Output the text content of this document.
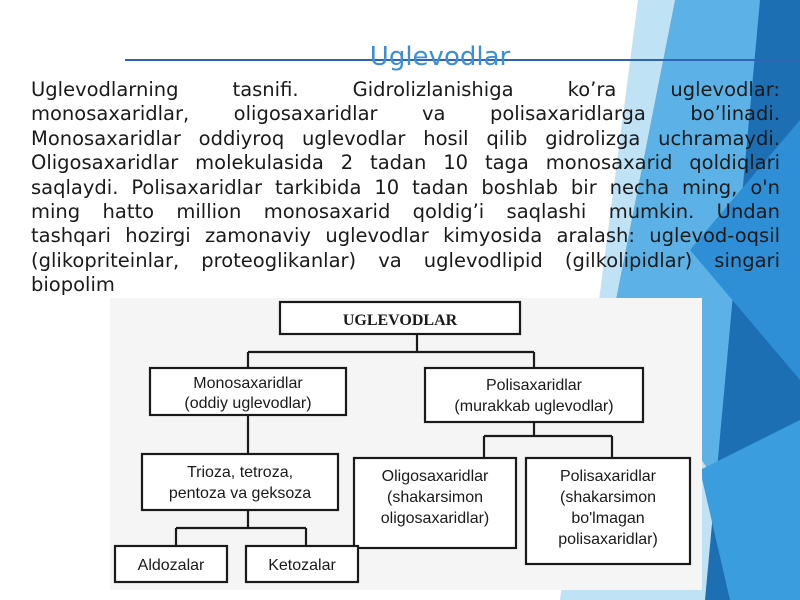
Uglevodlar
Uglevodlarning tasnifi. Gidrolizlanishiga ko’ra uglevodlar:
monosaxaridlar, oligosaxaridlar va polisaxaridlarga bo’linadi.
Monosaxaridlar oddiyroq uglevodlar hosil qilib gidrolizga uchramaydi.
Oligosaxaridlar molekulasida 2 tadan 10 taga monosaxarid qoldiqlari
saqlaydi. Polisaxaridlar tarkibida 10 tadan boshlab bir necha ming, o'n
ming hatto million monosaxarid qoldig’i saqlashi mumkin. Undan
tashqari hozirgi zamonaviy uglevodlar kimyosida aralash: uglevod-oqsil
(glikopriteinlar, proteoglikanlar) va uglevodlipid (gilkolipidlar) singari
biopolim
UGLEVODLAR
Monosaxaridlar
(oddiy uglevodlar)
Polisaxaridlar
(murakkab uglevodlar)
Trioza, tetroza,
pentoza va geksoza
Oligosaxaridlar
(shakarsimon
oligosaxaridlar)
Polisaxaridlar
(shakarsimon
bo'lmagan
polisaxaridlar)
Aldozalar	Ketozalar
